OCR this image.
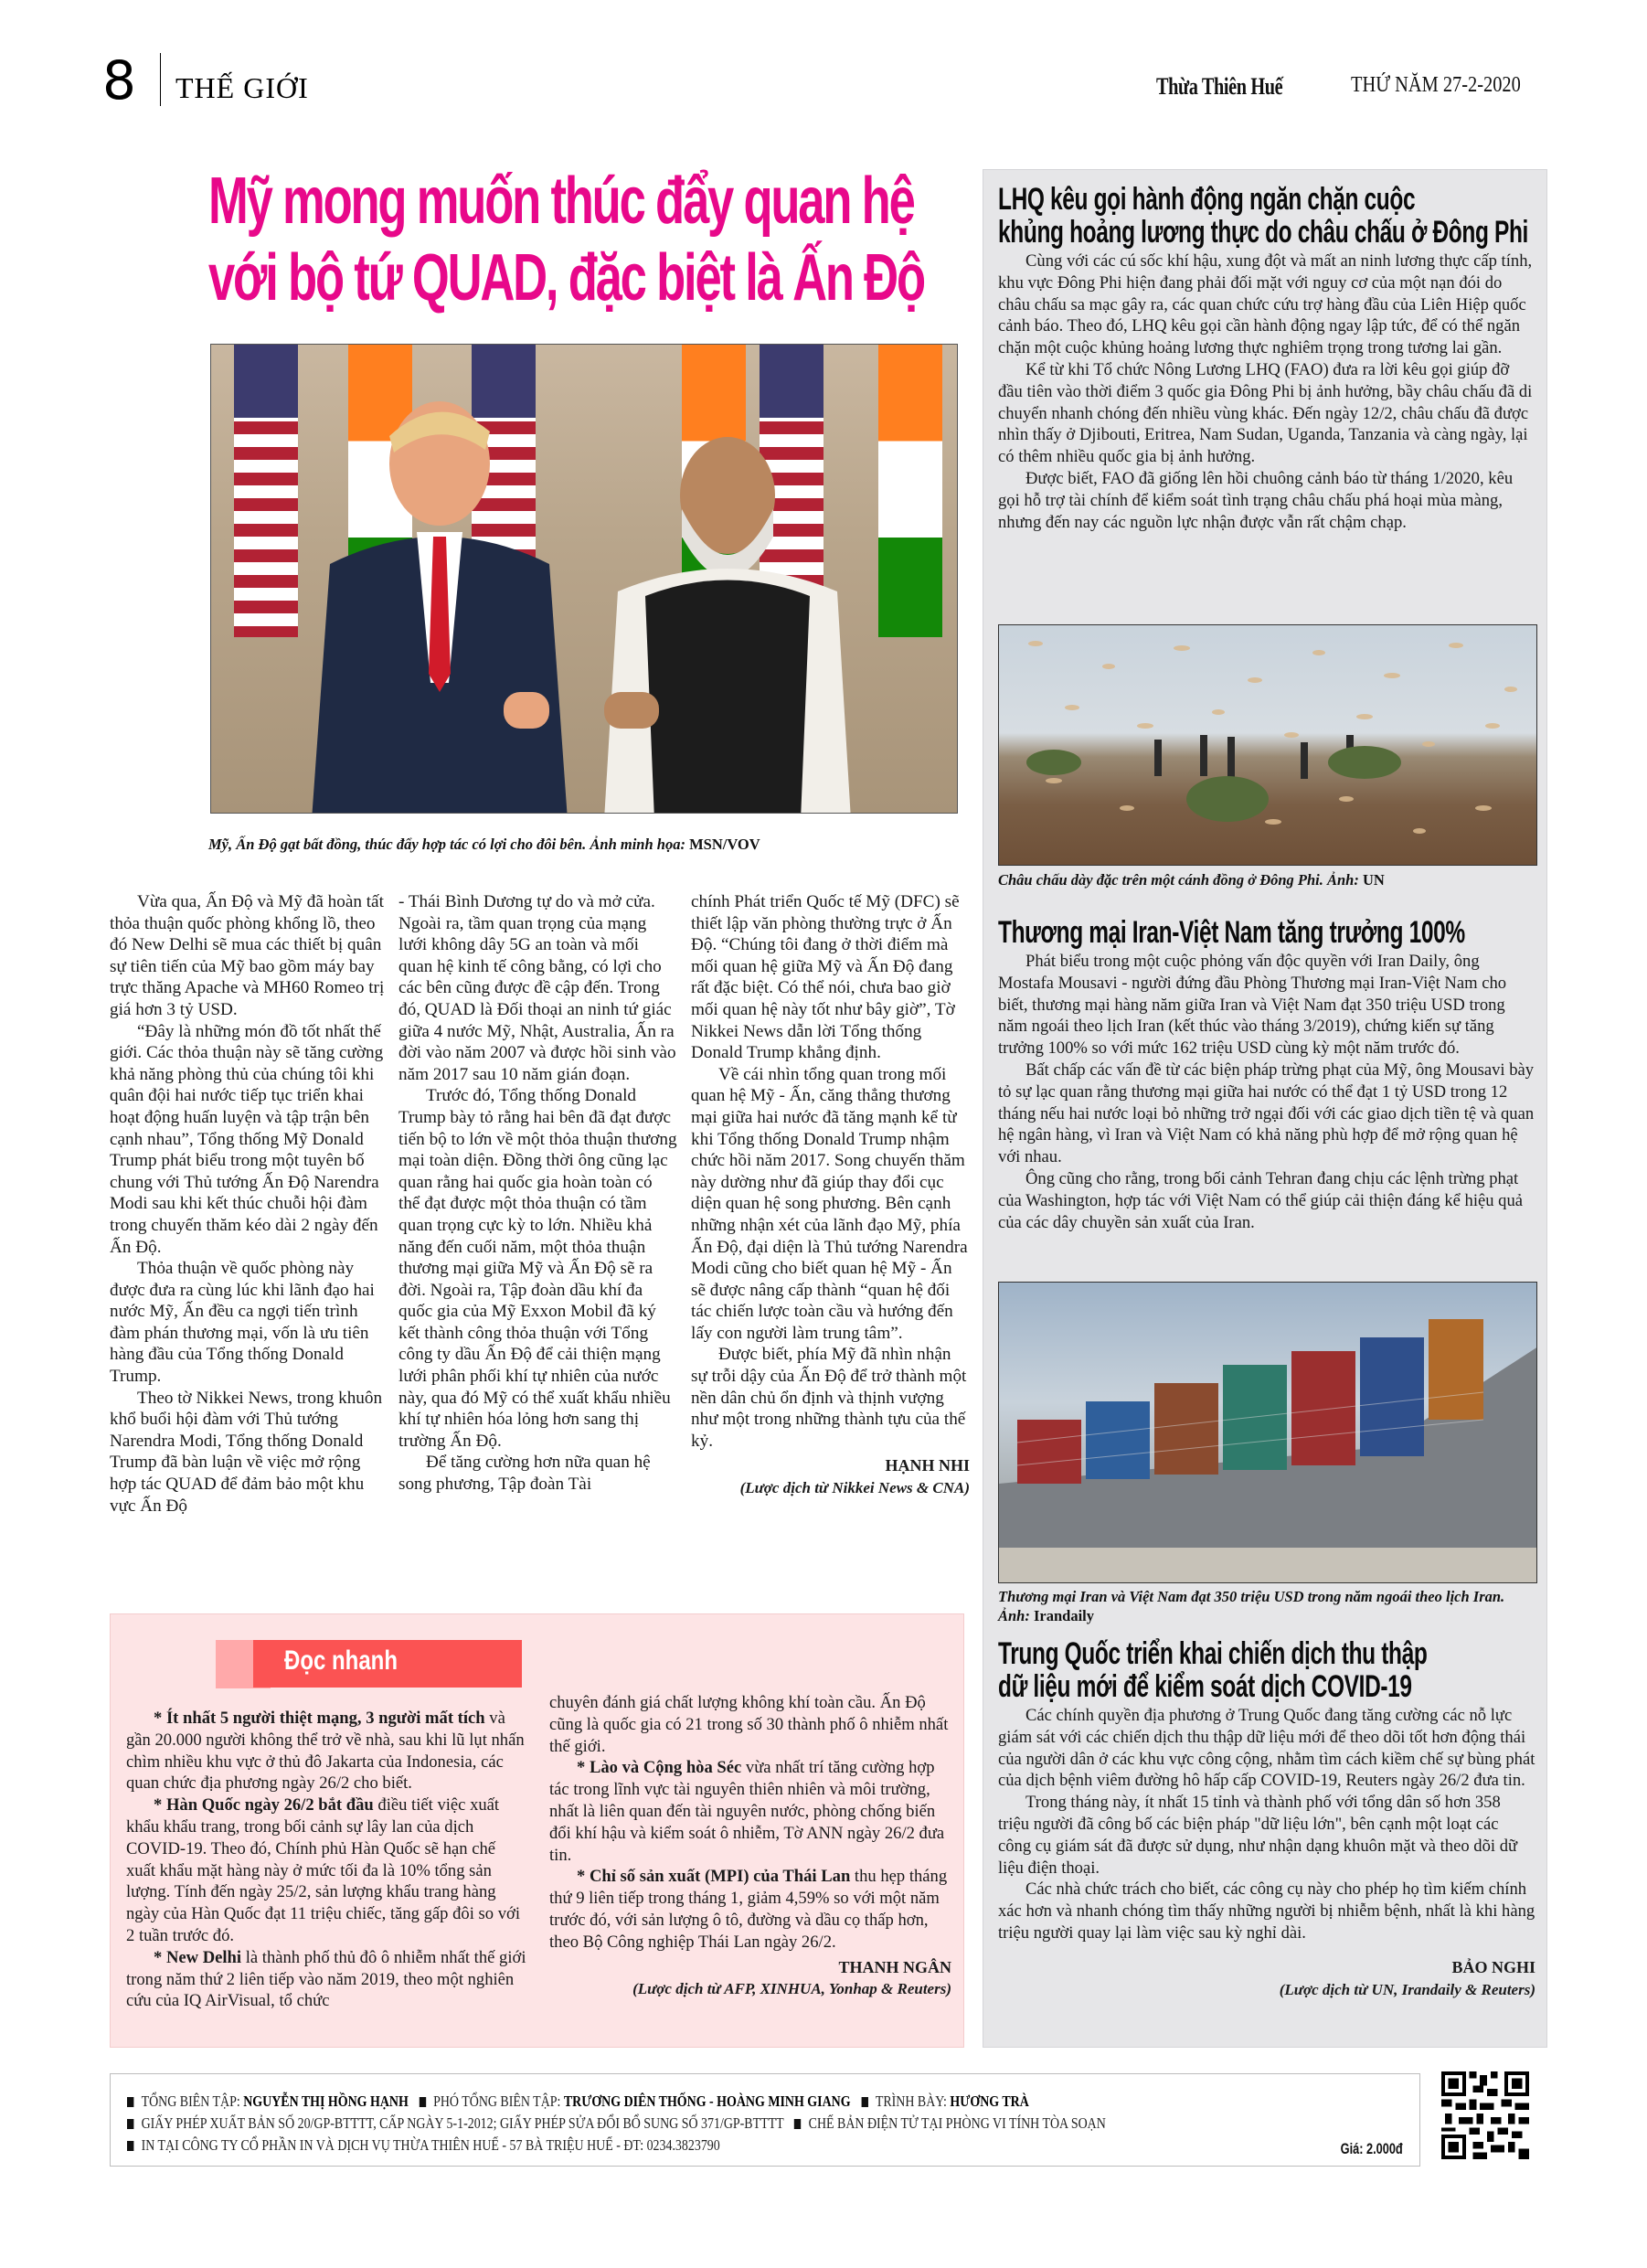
8 THẾ GIỚI	Thừa Thiên Huế	THỨ NĂM 27-2-2020
Mỹ mong muốn thúc đẩy quan hệ
với bộ tứ QUAD, đặc biệt là Ấn Độ
Mỹ, Ấn Độ gạt bất đồng, thúc đẩy hợp tác có lợi cho đôi bên. Ảnh minh họa: MSN/VOV

Vừa qua, Ấn Độ và Mỹ đã hoàn tất thỏa thuận quốc phòng khổng lồ, theo đó New Delhi sẽ mua các thiết bị quân sự tiên tiến của Mỹ bao gồm máy bay trực thăng Apache và MH60 Romeo trị giá hơn 3 tỷ USD.

“Đây là những món đồ tốt nhất thế giới. Các thỏa thuận này sẽ tăng cường khả năng phòng thủ của chúng tôi khi quân đội hai nước tiếp tục triển khai hoạt động huấn luyện và tập trận bên cạnh nhau”, Tổng thống Mỹ Donald Trump phát biểu trong một tuyên bố chung với Thủ tướng Ấn Độ Narendra Modi sau khi kết thúc chuỗi hội đàm trong chuyến thăm kéo dài 2 ngày đến Ấn Độ.

Thỏa thuận về quốc phòng này được đưa ra cùng lúc khi lãnh đạo hai nước Mỹ, Ấn đều ca ngợi tiến trình đàm phán thương mại, vốn là ưu tiên hàng đầu của Tổng thống Donald Trump.

Theo tờ Nikkei News, trong khuôn khổ buổi hội đàm với Thủ tướng Narendra Modi, Tổng thống Donald Trump đã bàn luận về việc mở rộng hợp tác QUAD để đảm bảo một khu vực Ấn Độ

- Thái Bình Dương tự do và mở cửa. Ngoài ra, tầm quan trọng của mạng lưới không dây 5G an toàn và mối quan hệ kinh tế công bằng, có lợi cho các bên cũng được đề cập đến. Trong đó, QUAD là Đối thoại an ninh tứ giác giữa 4 nước Mỹ, Nhật, Australia, Ấn ra đời vào năm 2007 và được hồi sinh vào năm 2017 sau 10 năm gián đoạn.

Trước đó, Tổng thống Donald Trump bày tỏ rằng hai bên đã đạt được tiến bộ to lớn về một thỏa thuận thương mại toàn diện. Đồng thời ông cũng lạc quan rằng hai quốc gia hoàn toàn có thể đạt được một thỏa thuận có tầm quan trọng cực kỳ to lớn. Nhiều khả năng đến cuối năm, một thỏa thuận thương mại giữa Mỹ và Ấn Độ sẽ ra đời. Ngoài ra, Tập đoàn dầu khí đa quốc gia của Mỹ Exxon Mobil đã ký kết thành công thỏa thuận với Tổng công ty dầu Ấn Độ để cải thiện mạng lưới phân phối khí tự nhiên của nước này, qua đó Mỹ có thể xuất khẩu nhiều khí tự nhiên hóa lỏng hơn sang thị trường Ấn Độ.

Để tăng cường hơn nữa quan hệ song phương, Tập đoàn Tài

chính Phát triển Quốc tế Mỹ (DFC) sẽ thiết lập văn phòng thường trực ở Ấn Độ. “Chúng tôi đang ở thời điểm mà mối quan hệ giữa Mỹ và Ấn Độ đang rất đặc biệt. Có thể nói, chưa bao giờ mối quan hệ này tốt như bây giờ”, Tờ Nikkei News dẫn lời Tổng thống Donald Trump khẳng định.

Về cái nhìn tổng quan trong mối quan hệ Mỹ - Ấn, căng thẳng thương mại giữa hai nước đã tăng mạnh kể từ khi Tổng thống Donald Trump nhậm chức hồi năm 2017. Song chuyến thăm này dường như đã giúp thay đổi cục diện quan hệ song phương. Bên cạnh những nhận xét của lãnh đạo Mỹ, phía Ấn Độ, đại diện là Thủ tướng Narendra Modi cũng cho biết quan hệ Mỹ - Ấn sẽ được nâng cấp thành “quan hệ đối tác chiến lược toàn cầu và hướng đến lấy con người làm trung tâm”.

Được biết, phía Mỹ đã nhìn nhận sự trỗi dậy của Ấn Độ để trở thành một nền dân chủ ổn định và thịnh vượng như một trong những thành tựu của thế kỷ.

HẠNH NHI
(Lược dịch từ Nikkei News & CNA)
LHQ kêu gọi hành động ngăn chặn cuộc
khủng hoảng lương thực do châu chấu ở Đông Phi

Cùng với các cú sốc khí hậu, xung đột và mất an ninh lương thực cấp tính, khu vực Đông Phi hiện đang phải đối mặt với nguy cơ của một nạn đói do châu chấu sa mạc gây ra, các quan chức cứu trợ hàng đầu của Liên Hiệp quốc cảnh báo. Theo đó, LHQ kêu gọi cần hành động ngay lập tức, để có thể ngăn chặn một cuộc khủng hoảng lương thực nghiêm trọng trong tương lai gần.

Kể từ khi Tổ chức Nông Lương LHQ (FAO) đưa ra lời kêu gọi giúp đỡ đầu tiên vào thời điểm 3 quốc gia Đông Phi bị ảnh hưởng, bầy châu chấu đã di chuyển nhanh chóng đến nhiều vùng khác. Đến ngày 12/2, châu chấu đã được nhìn thấy ở Djibouti, Eritrea, Nam Sudan, Uganda, Tanzania và càng ngày, lại có thêm nhiều quốc gia bị ảnh hưởng.

Được biết, FAO đã giống lên hồi chuông cảnh báo từ tháng 1/2020, kêu gọi hỗ trợ tài chính để kiểm soát tình trạng châu chấu phá hoại mùa màng, nhưng đến nay các nguồn lực nhận được vẫn rất chậm chạp.

Châu chấu dày đặc trên một cánh đồng ở Đông Phi. Ảnh: UN
Thương mại Iran-Việt Nam tăng trưởng 100%

Phát biểu trong một cuộc phỏng vấn độc quyền với Iran Daily, ông Mostafa Mousavi - người đứng đầu Phòng Thương mại Iran-Việt Nam cho biết, thương mại hàng năm giữa Iran và Việt Nam đạt 350 triệu USD trong năm ngoái theo lịch Iran (kết thúc vào tháng 3/2019), chứng kiến sự tăng trưởng 100% so với mức 162 triệu USD cùng kỳ một năm trước đó.

Bất chấp các vấn đề từ các biện pháp trừng phạt của Mỹ, ông Mousavi bày tỏ sự lạc quan rằng thương mại giữa hai nước có thể đạt 1 tỷ USD trong 12 tháng nếu hai nước loại bỏ những trở ngại đối với các giao dịch tiền tệ và quan hệ ngân hàng, vì Iran và Việt Nam có khả năng phù hợp để mở rộng quan hệ với nhau.

Ông cũng cho rằng, trong bối cảnh Tehran đang chịu các lệnh trừng phạt của Washington, hợp tác với Việt Nam có thể giúp cải thiện đáng kể hiệu quả của các dây chuyền sản xuất của Iran.

Thương mại Iran và Việt Nam đạt 350 triệu USD trong năm ngoái theo lịch Iran. Ảnh: Irandaily
Trung Quốc triển khai chiến dịch thu thập
dữ liệu mới để kiểm soát dịch COVID-19

Các chính quyền địa phương ở Trung Quốc đang tăng cường các nỗ lực giám sát với các chiến dịch thu thập dữ liệu mới để theo dõi tốt hơn động thái của người dân ở các khu vực công cộng, nhằm tìm cách kiềm chế sự bùng phát của dịch bệnh viêm đường hô hấp cấp COVID-19, Reuters ngày 26/2 đưa tin.

Trong tháng này, ít nhất 15 tỉnh và thành phố với tổng dân số hơn 358 triệu người đã công bố các biện pháp "dữ liệu lớn", bên cạnh một loạt các công cụ giám sát đã được sử dụng, như nhận dạng khuôn mặt và theo dõi dữ liệu điện thoại.

Các nhà chức trách cho biết, các công cụ này cho phép họ tìm kiếm chính xác hơn và nhanh chóng tìm thấy những người bị nhiễm bệnh, nhất là khi hàng triệu người quay lại làm việc sau kỳ nghỉ dài.

BẢO NGHI
(Lược dịch từ UN, Irandaily & Reuters)
Đọc nhanh

* Ít nhất 5 người thiệt mạng, 3 người mất tích và gần 20.000 người không thể trở về nhà, sau khi lũ lụt nhấn chìm nhiều khu vực ở thủ đô Jakarta của Indonesia, các quan chức địa phương ngày 26/2 cho biết.

* Hàn Quốc ngày 26/2 bắt đầu điều tiết việc xuất khẩu khẩu trang, trong bối cảnh sự lây lan của dịch COVID-19. Theo đó, Chính phủ Hàn Quốc sẽ hạn chế xuất khẩu mặt hàng này ở mức tối đa là 10% tổng sản lượng. Tính đến ngày 25/2, sản lượng khẩu trang hàng ngày của Hàn Quốc đạt 11 triệu chiếc, tăng gấp đôi so với 2 tuần trước đó.

* New Delhi là thành phố thủ đô ô nhiễm nhất thế giới trong năm thứ 2 liên tiếp vào năm 2019, theo một nghiên cứu của IQ AirVisual, tổ chức

chuyên đánh giá chất lượng không khí toàn cầu. Ấn Độ cũng là quốc gia có 21 trong số 30 thành phố ô nhiễm nhất thế giới.

* Lào và Cộng hòa Séc vừa nhất trí tăng cường hợp tác trong lĩnh vực tài nguyên thiên nhiên và môi trường, nhất là liên quan đến tài nguyên nước, phòng chống biến đổi khí hậu và kiểm soát ô nhiễm, Tờ ANN ngày 26/2 đưa tin.

* Chỉ số sản xuất (MPI) của Thái Lan thu hẹp tháng thứ 9 liên tiếp trong tháng 1, giảm 4,59% so với một năm trước đó, với sản lượng ô tô, đường và dầu cọ thấp hơn, theo Bộ Công nghiệp Thái Lan ngày 26/2.

THANH NGÂN
(Lược dịch từ AFP, XINHUA, Yonhap & Reuters)
TỔNG BIÊN TẬP: NGUYỄN THỊ HỒNG HẠNH PHÓ TỔNG BIÊN TẬP: TRƯƠNG DIÊN THỐNG - HOÀNG MINH GIANG TRÌNH BÀY: HƯƠNG TRÀ
GIẤY PHÉP XUẤT BẢN SỐ 20/GP-BTTTT, CẤP NGÀY 5-1-2012; GIẤY PHÉP SỬA ĐỔI BỔ SUNG SỐ 371/GP-BTTTT CHẾ BẢN ĐIỆN TỬ TẠI PHÒNG VI TÍNH TÒA SOẠN
IN TẠI CÔNG TY CỔ PHẦN IN VÀ DỊCH VỤ THỪA THIÊN HUẾ - 57 BÀ TRIỆU HUẾ - ĐT: 0234.3823790	Giá: 2.000đ
